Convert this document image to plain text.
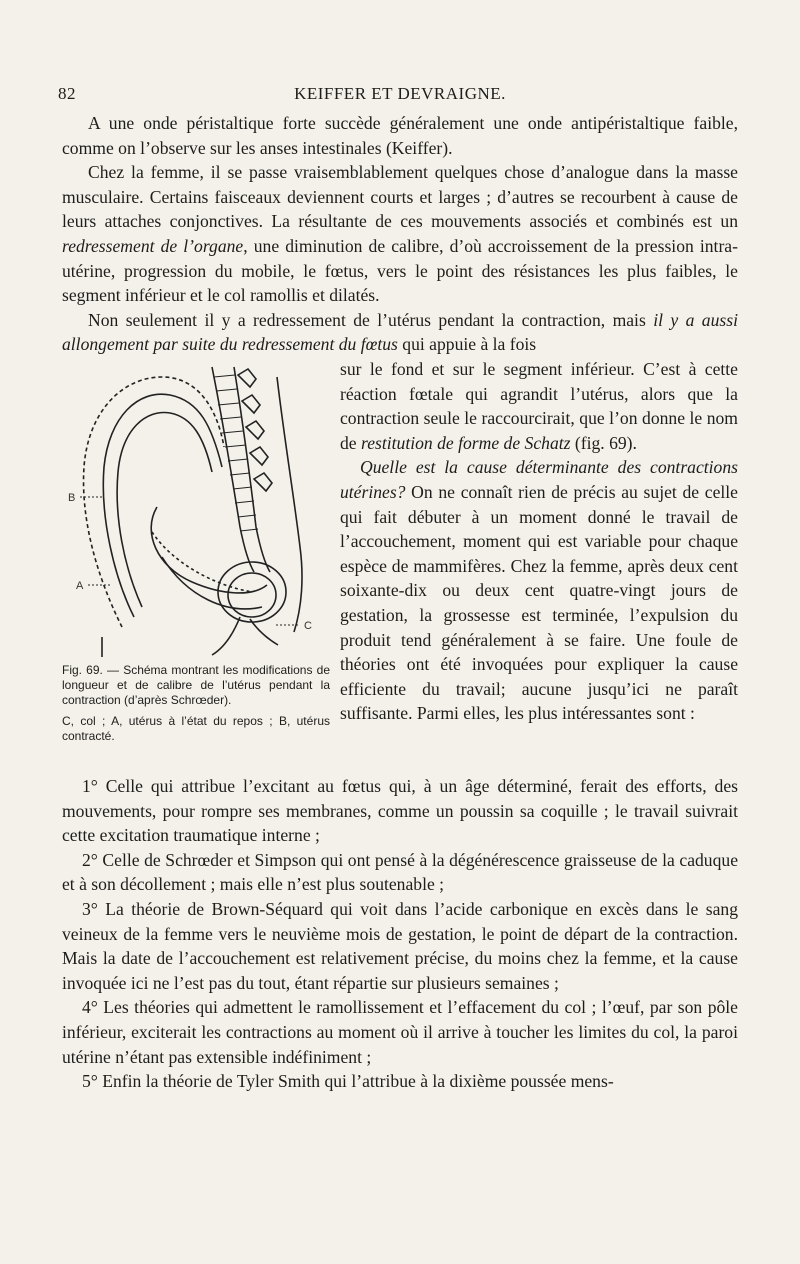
82	KEIFFER ET DEVRAIGNE.

A une onde péristaltique forte succède généralement une onde antipéristaltique faible, comme on l’observe sur les anses intestinales (Keiffer).

Chez la femme, il se passe vraisemblablement quelques chose d’analogue dans la masse musculaire. Certains faisceaux deviennent courts et larges ; d’autres se recourbent à cause de leurs attaches conjonctives. La résultante de ces mouvements associés et combinés est un redressement de l’organe, une diminution de calibre, d’où accroissement de la pression intra-utérine, progression du mobile, le fœtus, vers le point des résistances les plus faibles, le segment inférieur et le col ramollis et dilatés.

Non seulement il y a redressement de l’utérus pendant la contraction, mais il y a aussi allongement par suite du redressement du fœtus qui appuie à la fois

B
A
C

Fig. 69. — Schéma montrant les modifications de longueur et de calibre de l’utérus pendant la contraction (d’après Schrœder).

C, col ; A, utérus à l’état du repos ; B, utérus contracté.

sur le fond et sur le segment inférieur. C’est à cette réaction fœtale qui agrandit l’utérus, alors que la contraction seule le raccourcirait, que l’on donne le nom de restitution de forme de Schatz (fig. 69).

Quelle est la cause déterminante des contractions utérines? On ne connaît rien de précis au sujet de celle qui fait débuter à un moment donné le travail de l’accouchement, moment qui est variable pour chaque espèce de mammifères. Chez la femme, après deux cent soixante-dix ou deux cent quatre-vingt jours de gestation, la grossesse est terminée, l’expulsion du produit tend généralement à se faire. Une foule de théories ont été invoquées pour expliquer la cause efficiente du travail; aucune jusqu’ici ne paraît suffisante. Parmi elles, les plus intéressantes sont :

1° Celle qui attribue l’excitant au fœtus qui, à un âge déterminé, ferait des efforts, des mouvements, pour rompre ses membranes, comme un poussin sa coquille ; le travail suivrait cette excitation traumatique interne ;

2° Celle de Schrœder et Simpson qui ont pensé à la dégénérescence graisseuse de la caduque et à son décollement ; mais elle n’est plus soutenable ;

3° La théorie de Brown-Séquard qui voit dans l’acide carbonique en excès dans le sang veineux de la femme vers le neuvième mois de gestation, le point de départ de la contraction. Mais la date de l’accouchement est relativement précise, du moins chez la femme, et la cause invoquée ici ne l’est pas du tout, étant répartie sur plusieurs semaines ;

4° Les théories qui admettent le ramollissement et l’effacement du col ; l’œuf, par son pôle inférieur, exciterait les contractions au moment où il arrive à toucher les limites du col, la paroi utérine n’étant pas extensible indéfiniment ;

5° Enfin la théorie de Tyler Smith qui l’attribue à la dixième poussée mens-
